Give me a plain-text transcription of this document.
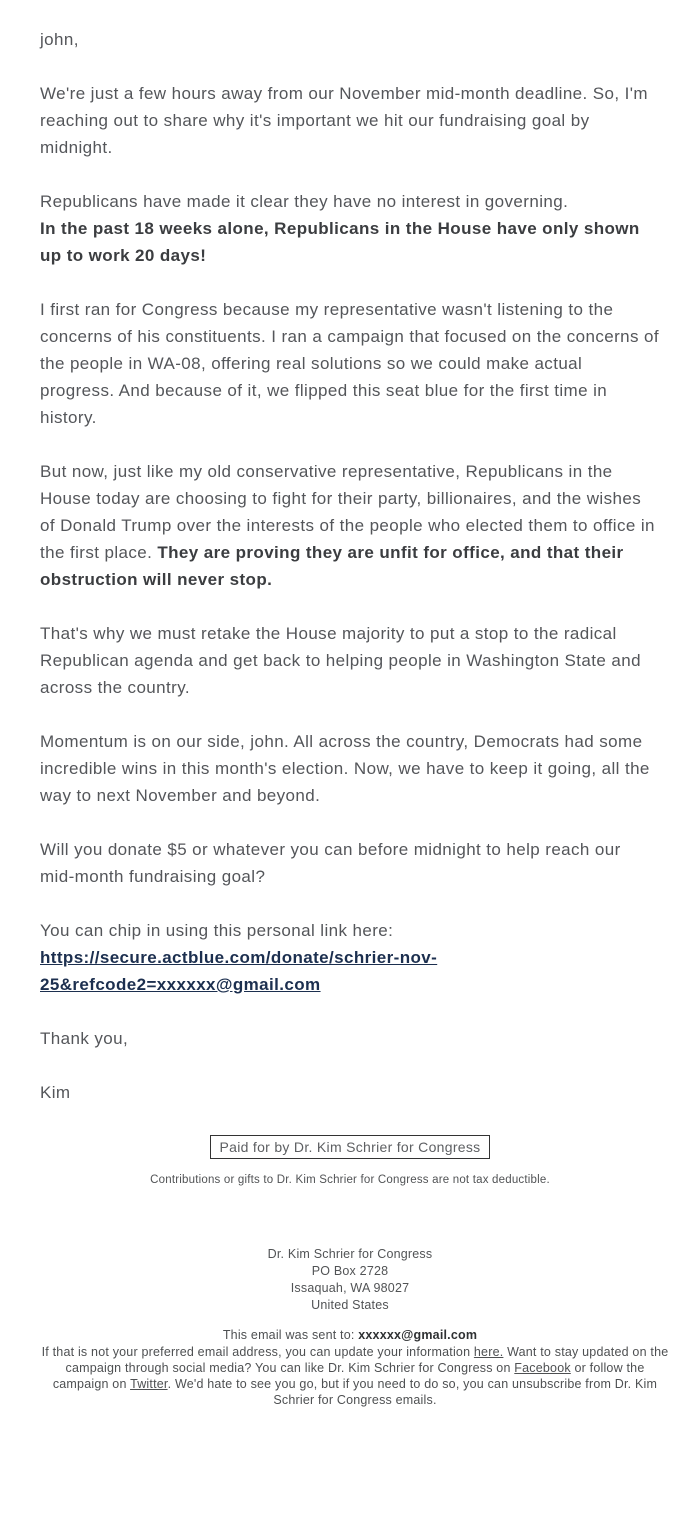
john,

We're just a few hours away from our November mid-month deadline. So, I'm reaching out to share why it's important we hit our fundraising goal by midnight.

Republicans have made it clear they have no interest in governing.
In the past 18 weeks alone, Republicans in the House have only shown up to work 20 days!

I first ran for Congress because my representative wasn't listening to the concerns of his constituents. I ran a campaign that focused on the concerns of the people in WA-08, offering real solutions so we could make actual progress. And because of it, we flipped this seat blue for the first time in history.

But now, just like my old conservative representative, Republicans in the House today are choosing to fight for their party, billionaires, and the wishes of Donald Trump over the interests of the people who elected them to office in the first place. They are proving they are unfit for office, and that their obstruction will never stop.

That's why we must retake the House majority to put a stop to the radical Republican agenda and get back to helping people in Washington State and across the country.

Momentum is on our side, john. All across the country, Democrats had some incredible wins in this month's election. Now, we have to keep it going, all the way to next November and beyond.

Will you donate $5 or whatever you can before midnight to help reach our mid-month fundraising goal?

You can chip in using this personal link here:
https://secure.actblue.com/donate/schrier-nov-
25&refcode2=xxxxxx@gmail.com

Thank you,

Kim

Paid for by Dr. Kim Schrier for Congress
Contributions or gifts to Dr. Kim Schrier for Congress are not tax deductible.
Dr. Kim Schrier for Congress
PO Box 2728
Issaquah, WA 98027
United States
This email was sent to: xxxxxx@gmail.com
If that is not your preferred email address, you can update your information here. Want to stay updated on the campaign through social media? You can like Dr. Kim Schrier for Congress on Facebook or follow the campaign on Twitter. We'd hate to see you go, but if you need to do so, you can unsubscribe from Dr. Kim Schrier for Congress emails.
